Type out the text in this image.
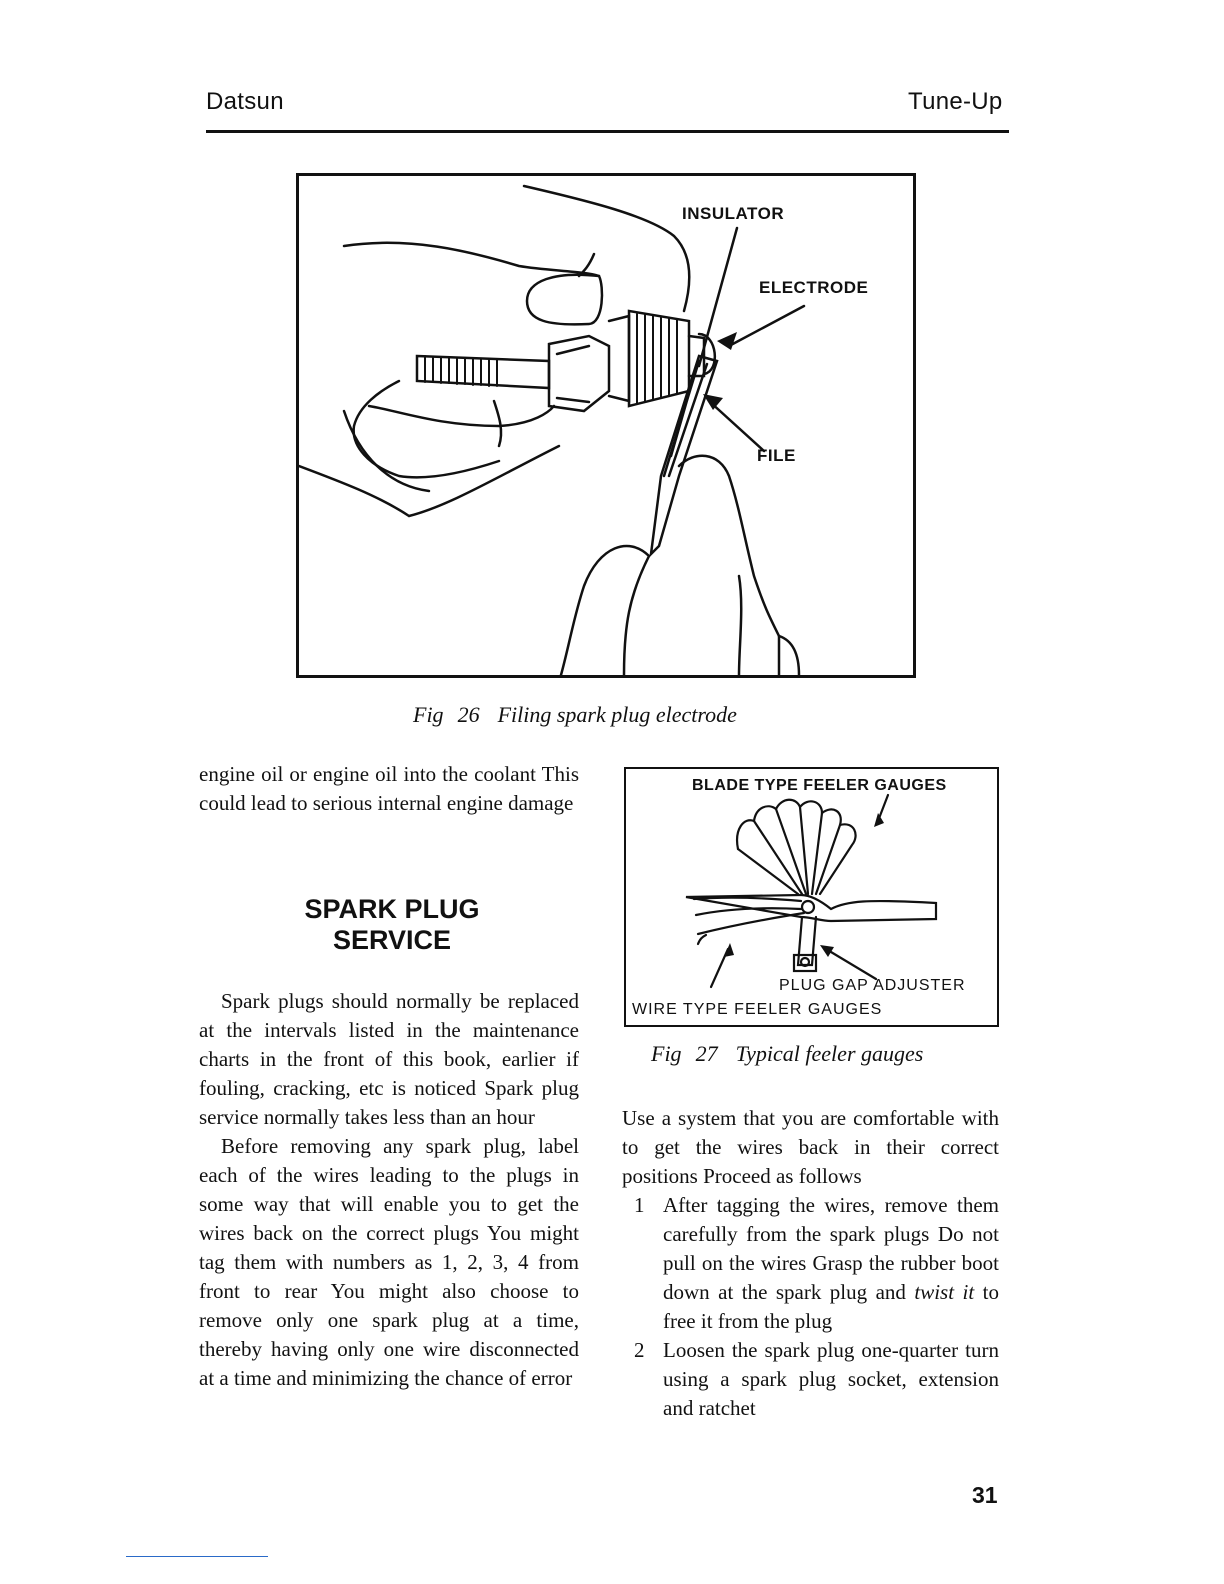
Datsun	Tune-Up
INSULATOR
ELECTRODE
FILE
Fig 26 Filing spark plug electrode

engine oil or engine oil into the coolant This could lead to serious internal engine damage

SPARK PLUG
SERVICE

Spark plugs should normally be replaced at the intervals listed in the maintenance charts in the front of this book, earlier if fouling, cracking, etc is noticed Spark plug service normally takes less than an hour

Before removing any spark plug, label each of the wires leading to the plugs in some way that will enable you to get the wires back on the correct plugs You might tag them with numbers as 1, 2, 3, 4 from front to rear You might also choose to remove only one spark plug at a time, thereby having only one wire disconnected at a time and minimizing the chance of error

BLADE TYPE FEELER GAUGES
PLUG GAP ADJUSTER
WIRE TYPE FEELER GAUGES
Fig 27 Typical feeler gauges

Use a system that you are comfortable with to get the wires back in their correct positions Proceed as follows

1 After tagging the wires, remove them carefully from the spark plugs Do not pull on the wires Grasp the rubber boot down at the spark plug and twist it to free it from the plug
2 Loosen the spark plug one-quarter turn using a spark plug socket, extension and ratchet
31
